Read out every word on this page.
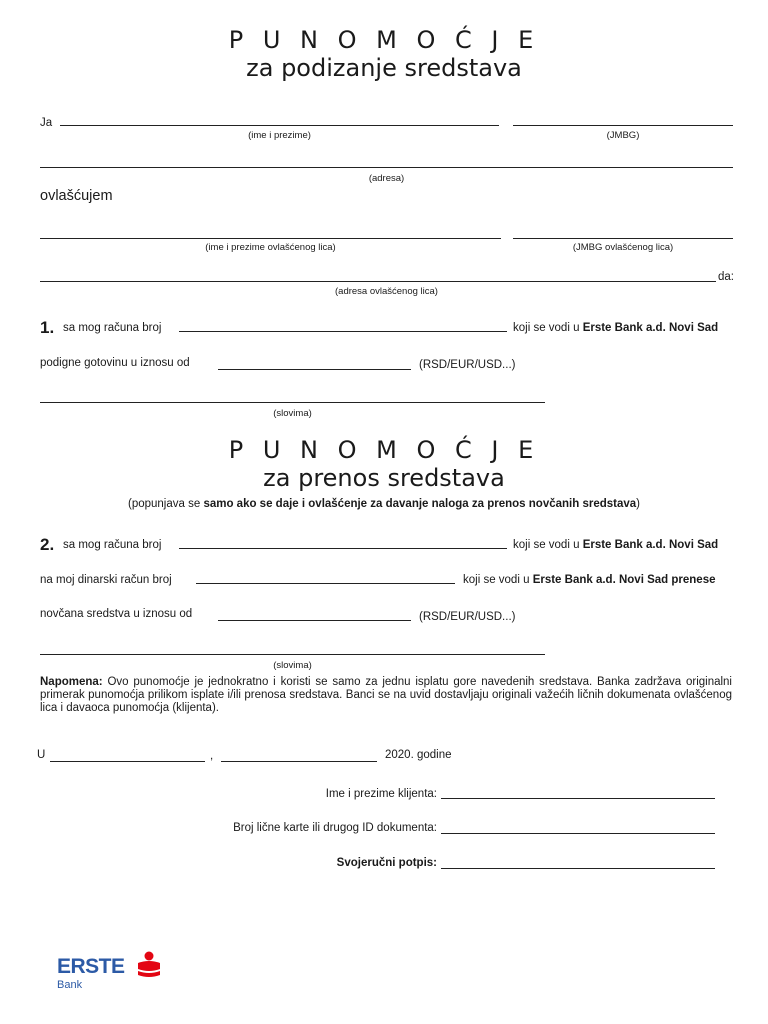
P U N O M O Ć J E
za podizanje sredstava
Ja
(ime i prezime)	(JMBG)
(adresa)
ovlašćujem
(ime i prezime ovlašćenog lica)	(JMBG ovlašćenog lica)
da:
(adresa ovlašćenog lica)
1. sa mog računa broj	koji se vodi u Erste Bank a.d. Novi Sad
podigne gotovinu u iznosu od	(RSD/EUR/USD...)
(slovima)
P U N O M O Ć J E
za prenos sredstava
(popunjava se samo ako se daje i ovlašćenje za davanje naloga za prenos novčanih sredstava)
2. sa mog računa broj	koji se vodi u Erste Bank a.d. Novi Sad
na moj dinarski račun broj	koji se vodi u Erste Bank a.d. Novi Sad prenese
novčana sredstva u iznosu od	(RSD/EUR/USD...)
(slovima)
Napomena: Ovo punomoćje je jednokratno i koristi se samo za jednu isplatu gore navedenih sredstava. Banka zadržava originalni primerak punomoćja prilikom isplate i/ili prenosa sredstava. Banci se na uvid dostavljaju originali važećih ličnih dokumenata ovlašćenog lica i davaoca punomoćja (klijenta).
U	,	2020. godine
Ime i prezime klijenta:
Broj lične karte ili drugog ID dokumenta:
Svojeručni potpis:
ERSTE
Bank
